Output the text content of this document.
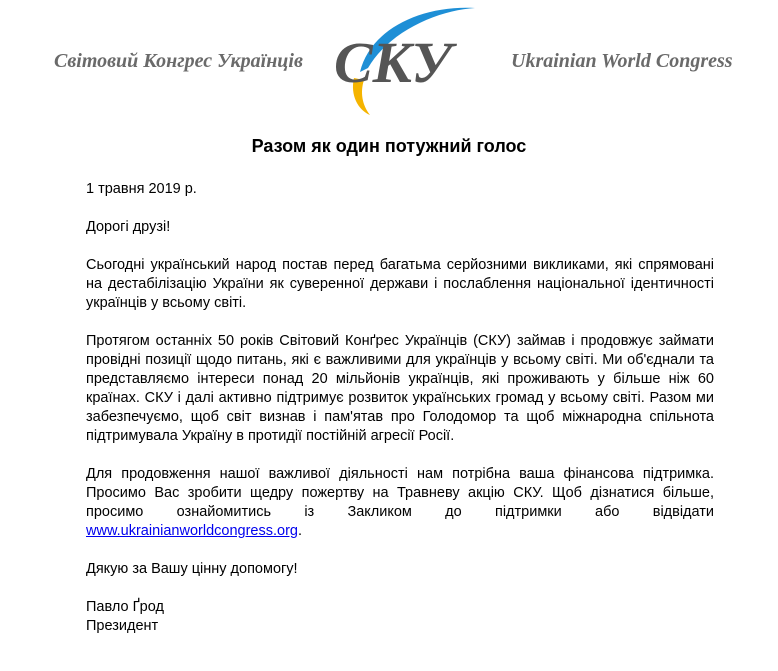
Світовий Конгрес Українців СКУ	Ukrainian World Congress
Разом як один потужний голос

1 травня 2019 р.

Дорогі друзі!

Сьогодні український народ постав перед багатьма серйозними викликами, які спрямовані на дестабілізацію України як суверенної держави і послаблення національної ідентичності українців у всьому світі.

Протягом останніх 50 років Світовий Конґрес Українців (СКУ) займав і продовжує займати провідні позиції щодо питань, які є важливими для українців у всьому світі. Ми об'єднали та представляємо інтереси понад 20 мільйонів українців, які проживають у більше ніж 60 країнах. СКУ і далі активно підтримує розвиток українських громад у всьому світі. Разом ми забезпечуємо, щоб світ визнав і пам'ятав про Голодомор та щоб міжнародна спільнота підтримувала Україну в протидії постійній агресії Росії.

Для продовження нашої важливої діяльності нам потрібна ваша фінансова підтримка. Просимо Вас зробити щедру пожертву на Травневу акцію СКУ. Щоб дізнатися більше, просимо ознайомитись із Закликом до підтримки або відвідати www.ukrainianworldcongress.org.

Дякую за Вашу цінну допомогу!

Павло Ґрод
Президент
